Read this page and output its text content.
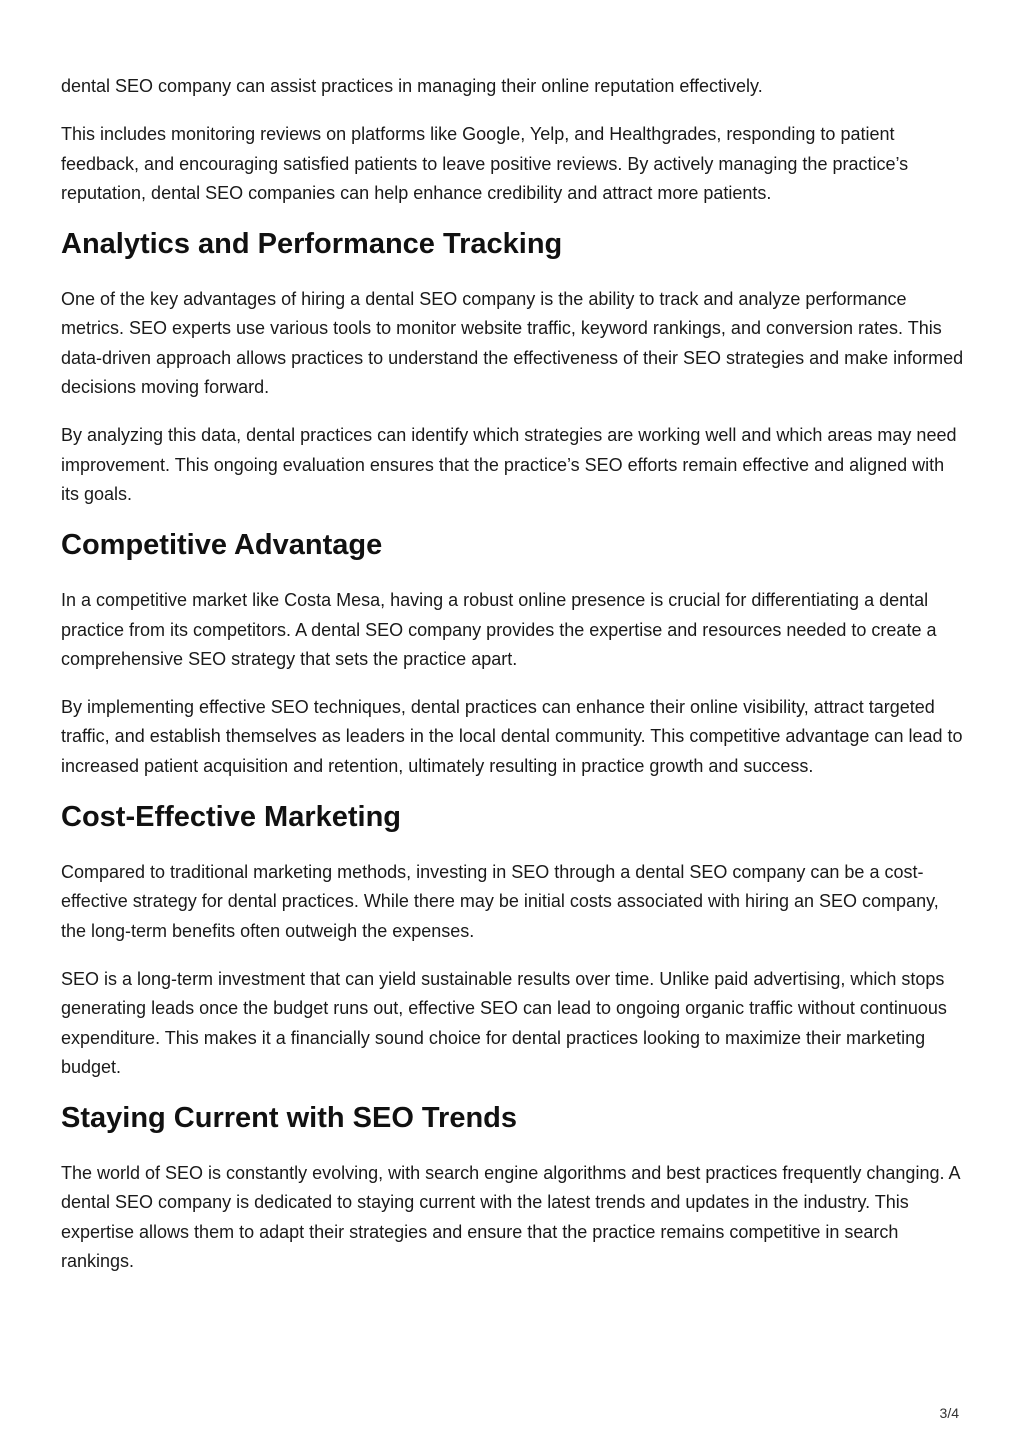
dental SEO company can assist practices in managing their online reputation effectively.

This includes monitoring reviews on platforms like Google, Yelp, and Healthgrades, responding to patient feedback, and encouraging satisfied patients to leave positive reviews. By actively managing the practice’s reputation, dental SEO companies can help enhance credibility and attract more patients.

Analytics and Performance Tracking

One of the key advantages of hiring a dental SEO company is the ability to track and analyze performance metrics. SEO experts use various tools to monitor website traffic, keyword rankings, and conversion rates. This data-driven approach allows practices to understand the effectiveness of their SEO strategies and make informed decisions moving forward.

By analyzing this data, dental practices can identify which strategies are working well and which areas may need improvement. This ongoing evaluation ensures that the practice’s SEO efforts remain effective and aligned with its goals.

Competitive Advantage

In a competitive market like Costa Mesa, having a robust online presence is crucial for differentiating a dental practice from its competitors. A dental SEO company provides the expertise and resources needed to create a comprehensive SEO strategy that sets the practice apart.

By implementing effective SEO techniques, dental practices can enhance their online visibility, attract targeted traffic, and establish themselves as leaders in the local dental community. This competitive advantage can lead to increased patient acquisition and retention, ultimately resulting in practice growth and success.

Cost-Effective Marketing

Compared to traditional marketing methods, investing in SEO through a dental SEO company can be a cost-effective strategy for dental practices. While there may be initial costs associated with hiring an SEO company, the long-term benefits often outweigh the expenses.

SEO is a long-term investment that can yield sustainable results over time. Unlike paid advertising, which stops generating leads once the budget runs out, effective SEO can lead to ongoing organic traffic without continuous expenditure. This makes it a financially sound choice for dental practices looking to maximize their marketing budget.

Staying Current with SEO Trends

The world of SEO is constantly evolving, with search engine algorithms and best practices frequently changing. A dental SEO company is dedicated to staying current with the latest trends and updates in the industry. This expertise allows them to adapt their strategies and ensure that the practice remains competitive in search rankings.

3/4
